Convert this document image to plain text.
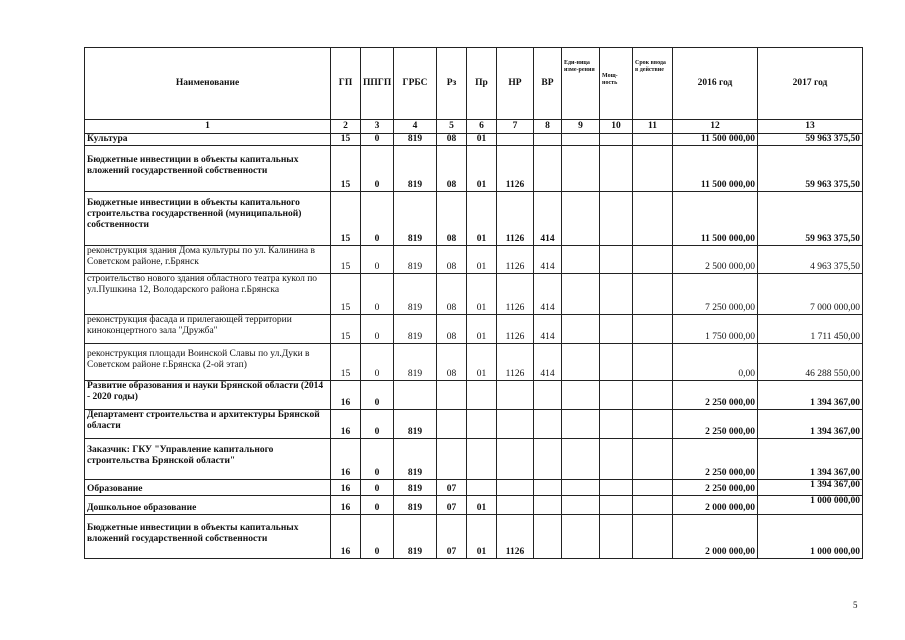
Наименование	ГП	ППГП	ГРБС	Рз	Пр	НР	ВР	Еди-ница изме-рения	Мощ-ность	Срок ввода в действие	2016 год	2017 год
1	2	3	4	5	6	7	8	9	10	11	12	13
Культура	15	0	819	08	01						11 500 000,00	59 963 375,50
Бюджетные инвестиции в объекты капитальных вложений государственной собственности	15	0	819	08	01	1126					11 500 000,00	59 963 375,50
Бюджетные инвестиции в объекты капитального строительства государственной (муниципальной) собственности	15	0	819	08	01	1126	414				11 500 000,00	59 963 375,50
реконструкция здания Дома культуры по ул. Калинина в Советском районе, г.Брянск	15	0	819	08	01	1126	414				2 500 000,00	4 963 375,50
строительство нового здания областного театра кукол по ул.Пушкина 12, Володарского района г.Брянска	15	0	819	08	01	1126	414				7 250 000,00	7 000 000,00
реконструкция фасада и прилегающей территории киноконцертного зала "Дружба"	15	0	819	08	01	1126	414				1 750 000,00	1 711 450,00
реконструкция площади Воинской Славы по ул.Дуки в Советском районе г.Брянска (2-ой этап)	15	0	819	08	01	1126	414				0,00	46 288 550,00
Развитие образования и науки Брянской области (2014 - 2020 годы)	16	0									2 250 000,00	1 394 367,00
Департамент строительства и архитектуры Брянской области	16	0	819								2 250 000,00	1 394 367,00
Заказчик: ГКУ "Управление капитального строительства Брянской области"	16	0	819								2 250 000,00	1 394 367,00
Образование	16	0	819	07							2 250 000,00	1 394 367,00
Дошкольное образование	16	0	819	07	01						2 000 000,00	1 000 000,00
Бюджетные инвестиции в объекты капитальных вложений государственной собственности	16	0	819	07	01	1126					2 000 000,00	1 000 000,00
5
